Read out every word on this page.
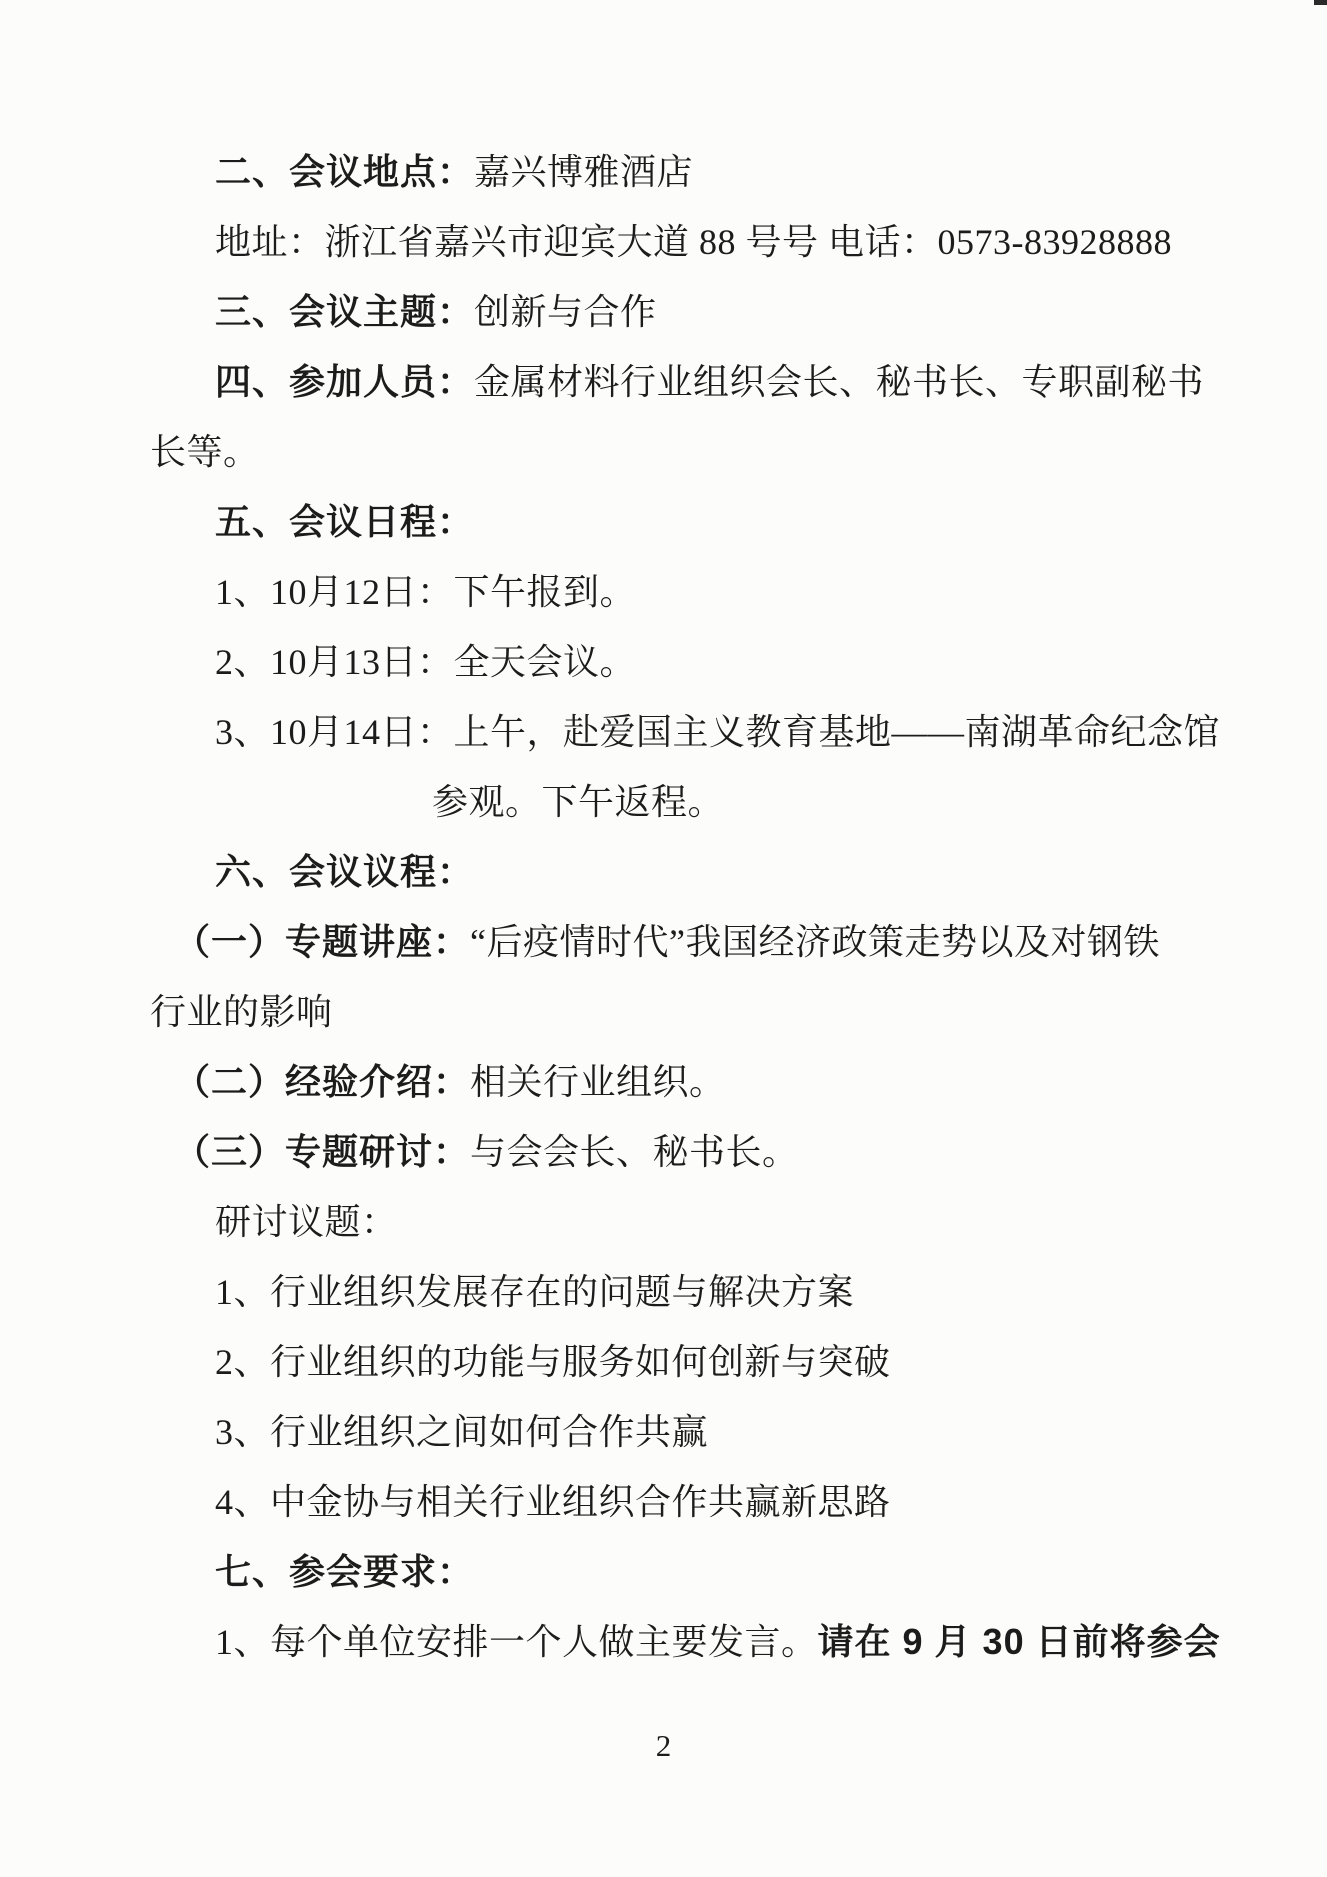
二、会议地点：嘉兴博雅酒店
地址：浙江省嘉兴市迎宾大道 88 号号 电话：0573-83928888
三、会议主题：创新与合作
四、参加人员：金属材料行业组织会长、秘书长、专职副秘书
长等。
五、会议日程：
1、10月12日：下午报到。
2、10月13日：全天会议。
3、10月14日：上午，赴爱国主义教育基地——南湖革命纪念馆
参观。下午返程。
六、会议议程：
（一）专题讲座：“后疫情时代”我国经济政策走势以及对钢铁
行业的影响
（二）经验介绍：相关行业组织。
（三）专题研讨：与会会长、秘书长。
研讨议题：
1、行业组织发展存在的问题与解决方案
2、行业组织的功能与服务如何创新与突破
3、行业组织之间如何合作共赢
4、中金协与相关行业组织合作共赢新思路
七、参会要求：
1、每个单位安排一个人做主要发言。请在 9 月 30 日前将参会
2
